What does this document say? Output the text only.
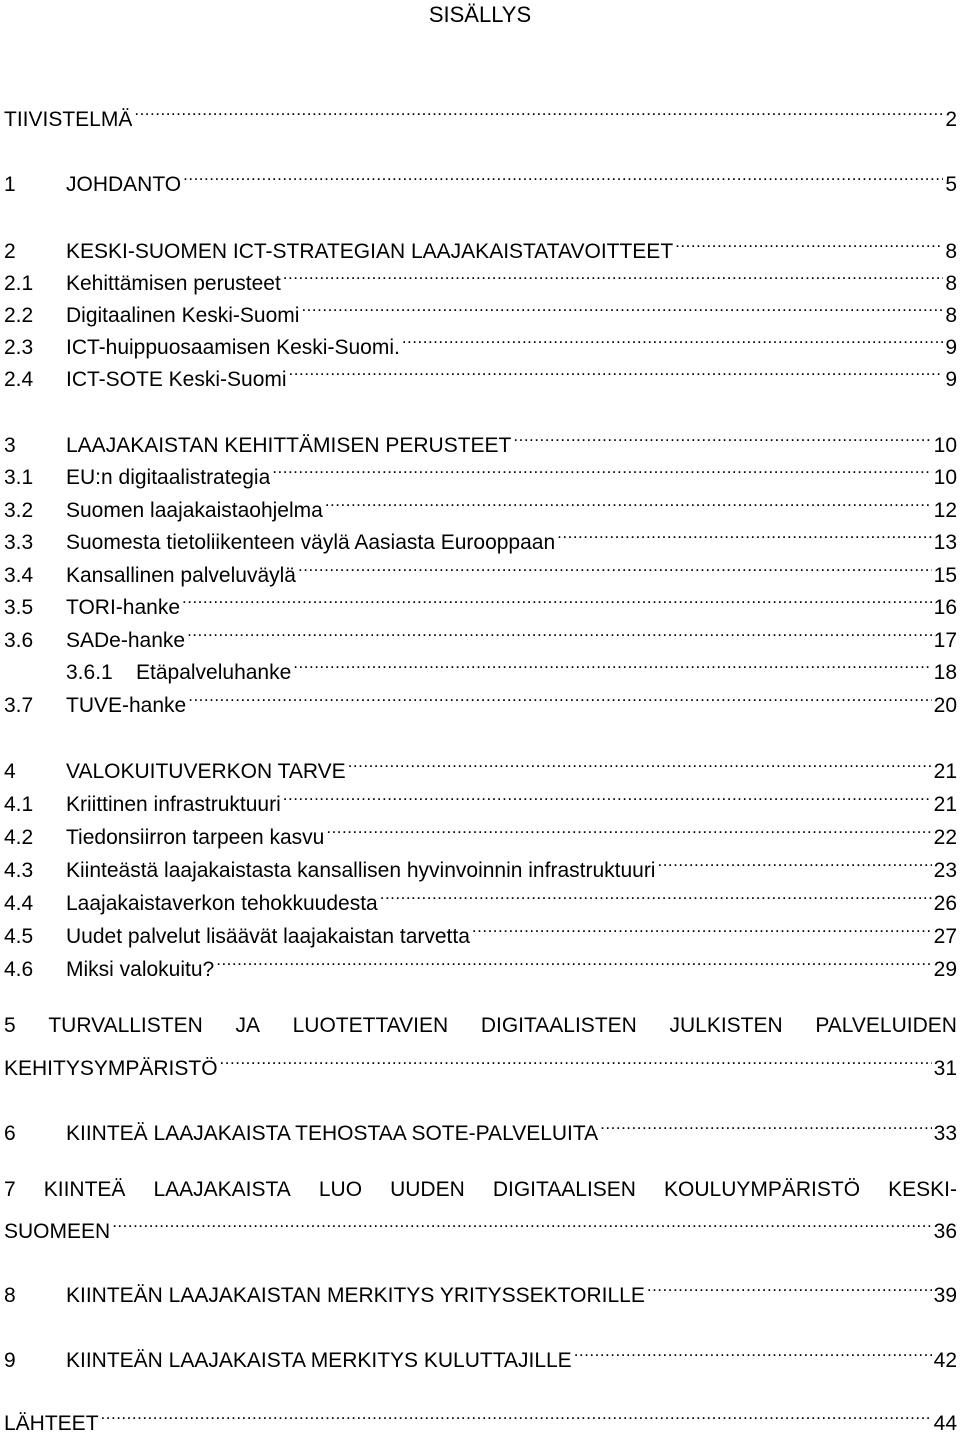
SISÄLLYS
TIIVISTELMÄ .....	2
1	JOHDANTO .....	5
2	KESKI-SUOMEN ICT-STRATEGIAN LAAJAKAISTATAVOITTEET .....	8
2.1	Kehittämisen perusteet .....	8
2.2	Digitaalinen Keski-Suomi .....	8
2.3	ICT-huippuosaamisen Keski-Suomi. .....	9
2.4	ICT-SOTE Keski-Suomi .....	9
3	LAAJAKAISTAN KEHITTÄMISEN PERUSTEET .....	10
3.1	EU:n digitaalistrategia .....	10
3.2	Suomen laajakaistaohjelma .....	12
3.3	Suomesta tietoliikenteen väylä Aasiasta Eurooppaan .....	13
3.4	Kansallinen palveluväylä .....	15
3.5	TORI-hanke .....	16
3.6	SADe-hanke .....	17
3.6.1	Etäpalveluhanke .....	18
3.7	TUVE-hanke .....	20
4	VALOKUITUVERKON TARVE .....	21
4.1	Kriittinen infrastruktuuri .....	21
4.2	Tiedonsiirron tarpeen kasvu .....	22
4.3	Kiinteästä laajakaistasta kansallisen hyvinvoinnin infrastruktuuri .....	23
4.4	Laajakaistaverkon tehokkuudesta .....	26
4.5	Uudet palvelut lisäävät laajakaistan tarvetta .....	27
4.6	Miksi valokuitu? .....	29
5 TURVALLISTEN JA LUOTETTAVIEN DIGITAALISTEN JULKISTEN PALVELUIDEN
KEHITYSYMPÄRISTÖ .....	31
6	KIINTEÄ LAAJAKAISTA TEHOSTAA SOTE-PALVELUITA .....	33
7 KIINTEÄ LAAJAKAISTA LUO UUDEN DIGITAALISEN KOULUYMPÄRISTÖ KESKI-
SUOMEEN .....	36
8	KIINTEÄN LAAJAKAISTAN MERKITYS YRITYSSEKTORILLE .....	39
9	KIINTEÄN LAAJAKAISTA MERKITYS KULUTTAJILLE .....	42
LÄHTEET .....	44
